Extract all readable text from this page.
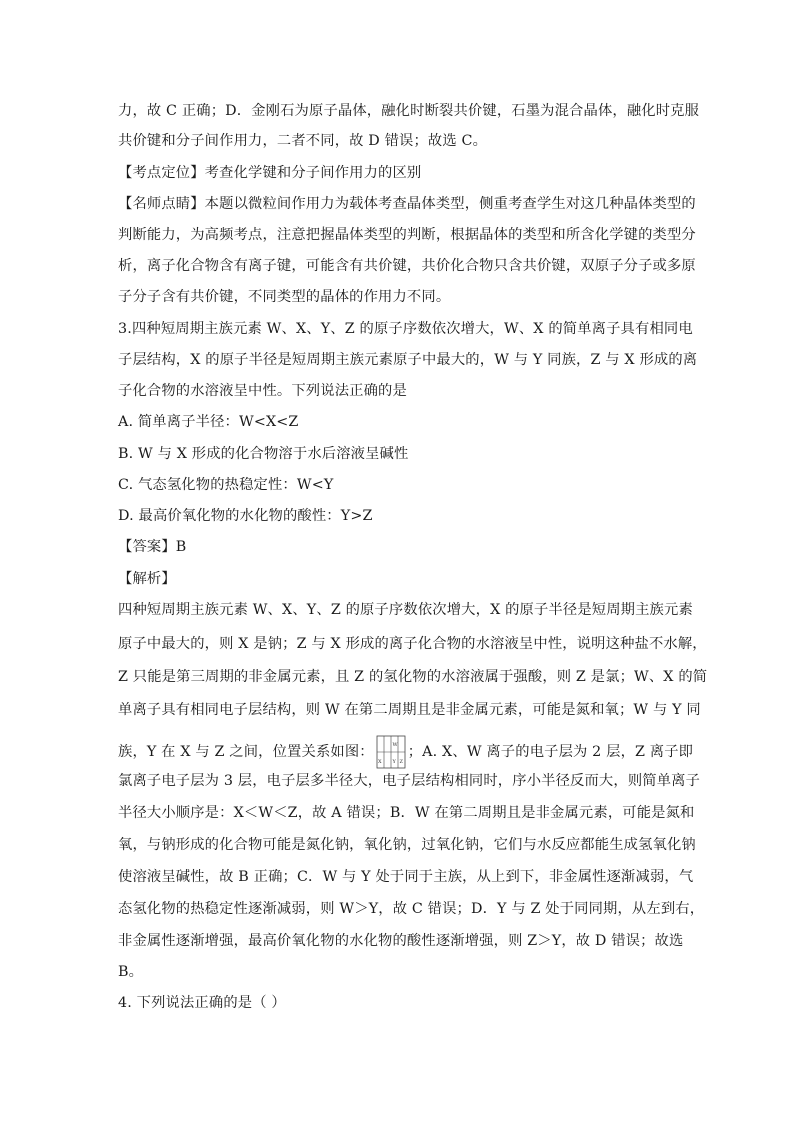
力，故 C 正确；D．金刚石为原子晶体，融化时断裂共价键，石墨为混合晶体，融化时克服
共价键和分子间作用力，二者不同，故 D 错误；故选 C。
【考点定位】考查化学键和分子间作用力的区别
【名师点睛】本题以微粒间作用力为载体考查晶体类型，侧重考查学生对这几种晶体类型的
判断能力，为高频考点，注意把握晶体类型的判断，根据晶体的类型和所含化学键的类型分
析，离子化合物含有离子键，可能含有共价键，共价化合物只含共价键，双原子分子或多原
子分子含有共价键，不同类型的晶体的作用力不同。
3.四种短周期主族元素 W、X、Y、Z 的原子序数依次增大，W、X 的简单离子具有相同电
子层结构，X 的原子半径是短周期主族元素原子中最大的，W 与 Y 同族，Z 与 X 形成的离
子化合物的水溶液呈中性。下列说法正确的是
A. 简单离子半径：W<X<Z
B. W 与 X 形成的化合物溶于水后溶液呈碱性
C. 气态氢化物的热稳定性：W<Y
D. 最高价氧化物的水化物的酸性：Y>Z
【答案】B
【解析】
四种短周期主族元素 W、X、Y、Z 的原子序数依次增大，X 的原子半径是短周期主族元素
原子中最大的，则 X 是钠；Z 与 X 形成的离子化合物的水溶液呈中性，说明这种盐不水解，
Z 只能是第三周期的非金属元素，且 Z 的氢化物的水溶液属于强酸，则 Z 是氯；W、X 的简
单离子具有相同电子层结构，则 W 在第二周期且是非金属元素，可能是氮和氧；W 与 Y 同
族，Y 在 X 与 Z 之间，位置关系如图：	W
X Y Z
；A. X、W 离子的电子层为 2 层，Z 离子即
氯离子电子层为 3 层，电子层多半径大，电子层结构相同时，序小半径反而大，则简单离子
半径大小顺序是：X＜W＜Z，故 A 错误；B．W 在第二周期且是非金属元素，可能是氮和
氧，与钠形成的化合物可能是氮化钠，氧化钠，过氧化钠，它们与水反应都能生成氢氧化钠
使溶液呈碱性，故 B 正确；C．W 与 Y 处于同于主族，从上到下，非金属性逐渐减弱，气
态氢化物的热稳定性逐渐减弱，则 W＞Y，故 C 错误；D．Y 与 Z 处于同同期，从左到右，
非金属性逐渐增强，最高价氧化物的水化物的酸性逐渐增强，则 Z＞Y，故 D 错误；故选
B。
4. 下列说法正确的是（ ）
